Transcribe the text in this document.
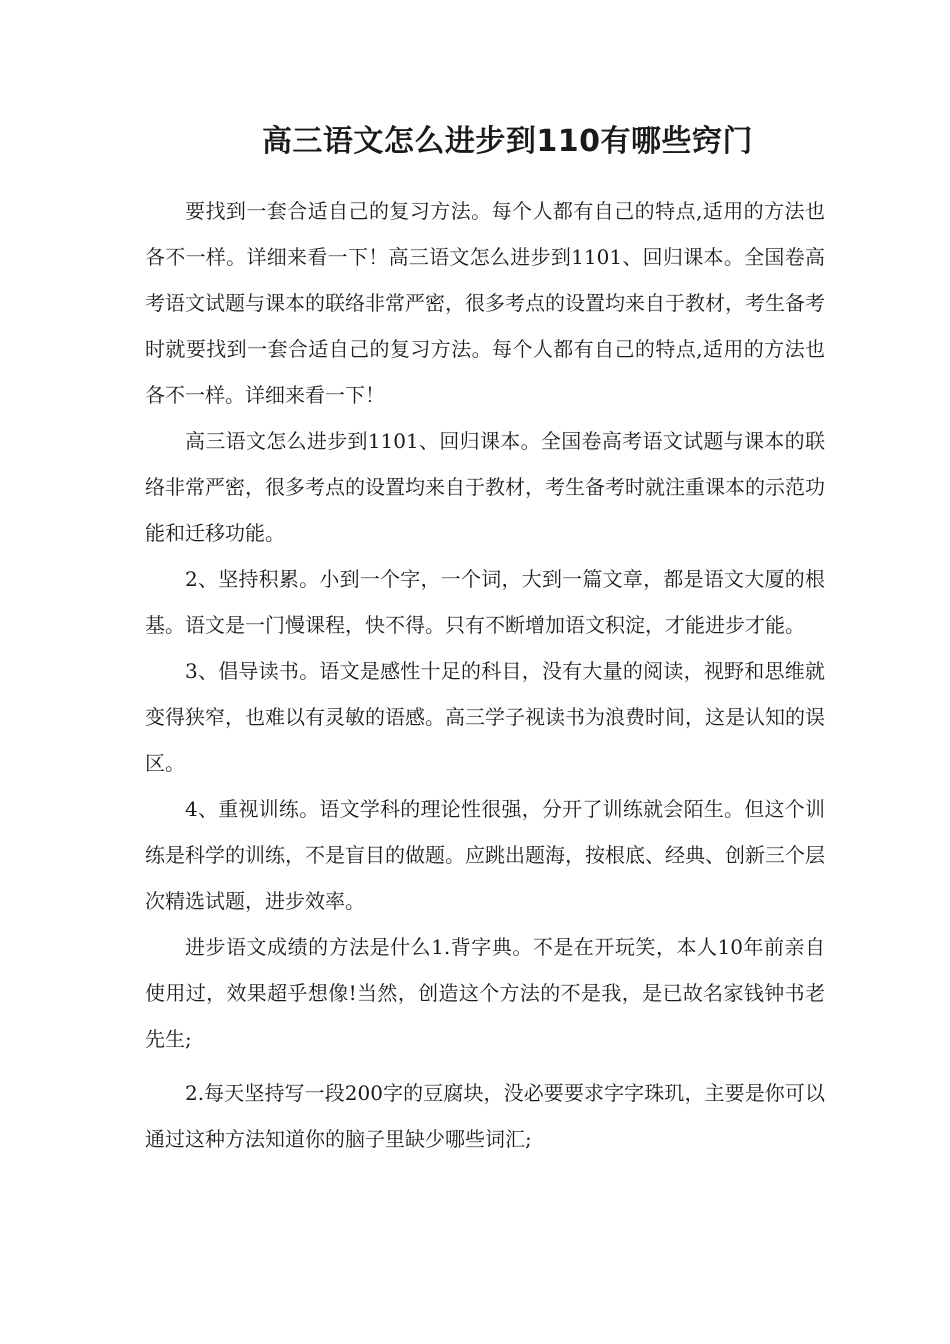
高三语文怎么进步到110有哪些窍门

要找到一套合适自己的复习方法。每个人都有自己的特点,适用的方法也各不一样。详细来看一下！高三语文怎么进步到1101、回归课本。全国卷高考语文试题与课本的联络非常严密，很多考点的设置均来自于教材，考生备考时就要找到一套合适自己的复习方法。每个人都有自己的特点,适用的方法也各不一样。详细来看一下！

高三语文怎么进步到1101、回归课本。全国卷高考语文试题与课本的联络非常严密，很多考点的设置均来自于教材，考生备考时就注重课本的示范功能和迁移功能。

2、坚持积累。小到一个字，一个词，大到一篇文章，都是语文大厦的根基。语文是一门慢课程，快不得。只有不断增加语文积淀，才能进步才能。

3、倡导读书。语文是感性十足的科目，没有大量的阅读，视野和思维就变得狭窄，也难以有灵敏的语感。高三学子视读书为浪费时间，这是认知的误区。

4、重视训练。语文学科的理论性很强，分开了训练就会陌生。但这个训练是科学的训练，不是盲目的做题。应跳出题海，按根底、经典、创新三个层次精选试题，进步效率。

进步语文成绩的方法是什么1.背字典。不是在开玩笑，本人10年前亲自使用过，效果超乎想像!当然，创造这个方法的不是我，是已故名家钱钟书老先生;

2.每天坚持写一段200字的豆腐块，没必要要求字字珠玑，主要是你可以通过这种方法知道你的脑子里缺少哪些词汇;
